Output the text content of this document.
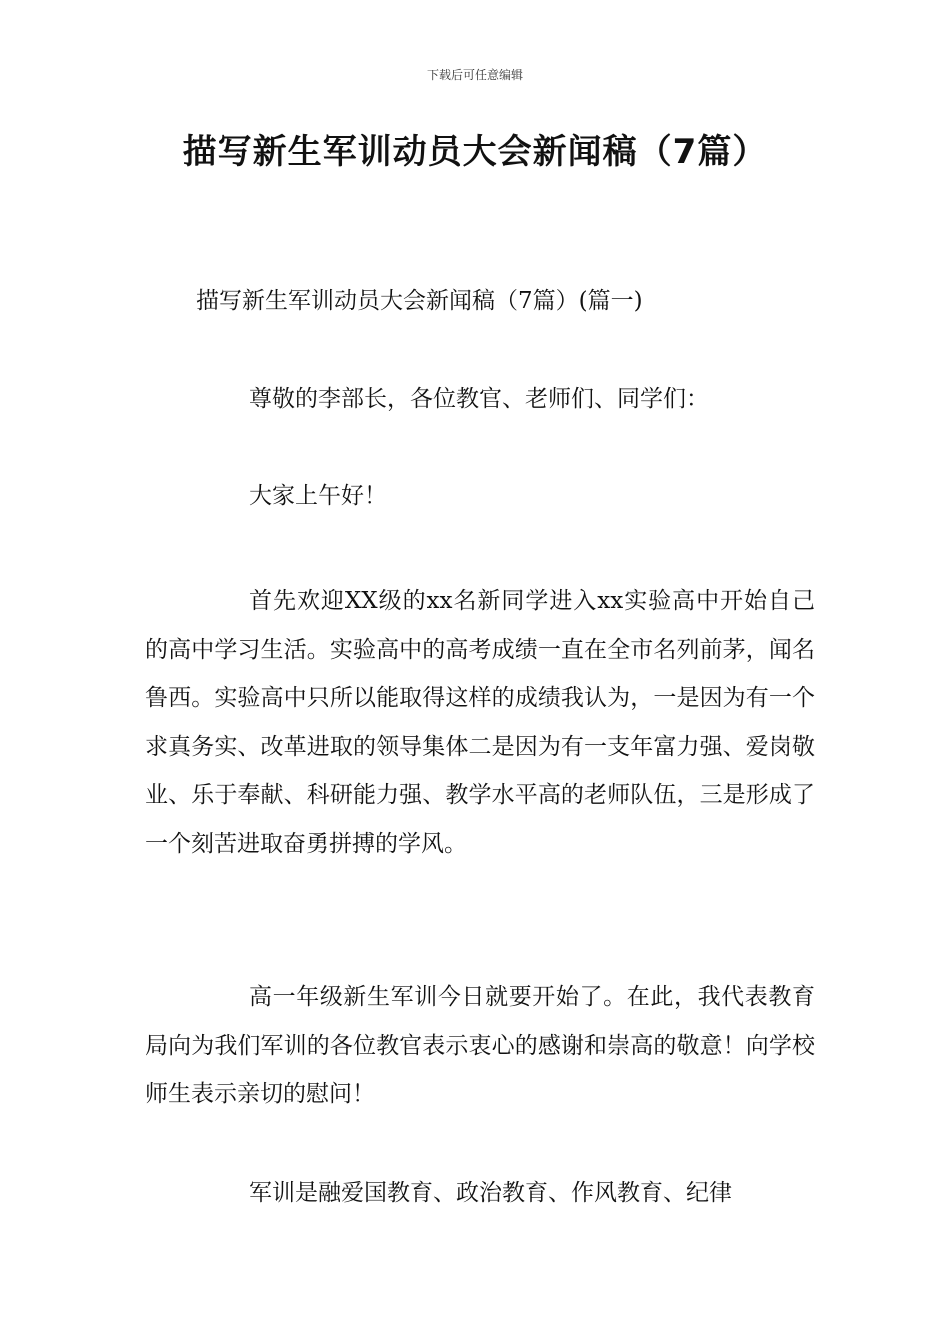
下载后可任意编辑
描写新生军训动员大会新闻稿（7篇）
描写新生军训动员大会新闻稿（7篇）(篇一)

尊敬的李部长，各位教官、老师们、同学们：

大家上午好！

首先欢迎XX级的xx名新同学进入xx实验高中开始自己的高中学习生活。实验高中的高考成绩一直在全市名列前茅，闻名鲁西。实验高中只所以能取得这样的成绩我认为，一是因为有一个求真务实、改革进取的领导集体二是因为有一支年富力强、爱岗敬业、乐于奉献、科研能力强、教学水平高的老师队伍，三是形成了一个刻苦进取奋勇拼搏的学风。

高一年级新生军训今日就要开始了。在此，我代表教育局向为我们军训的各位教官表示衷心的感谢和崇高的敬意！向学校师生表示亲切的慰问！

军训是融爱国教育、政治教育、作风教育、纪律
